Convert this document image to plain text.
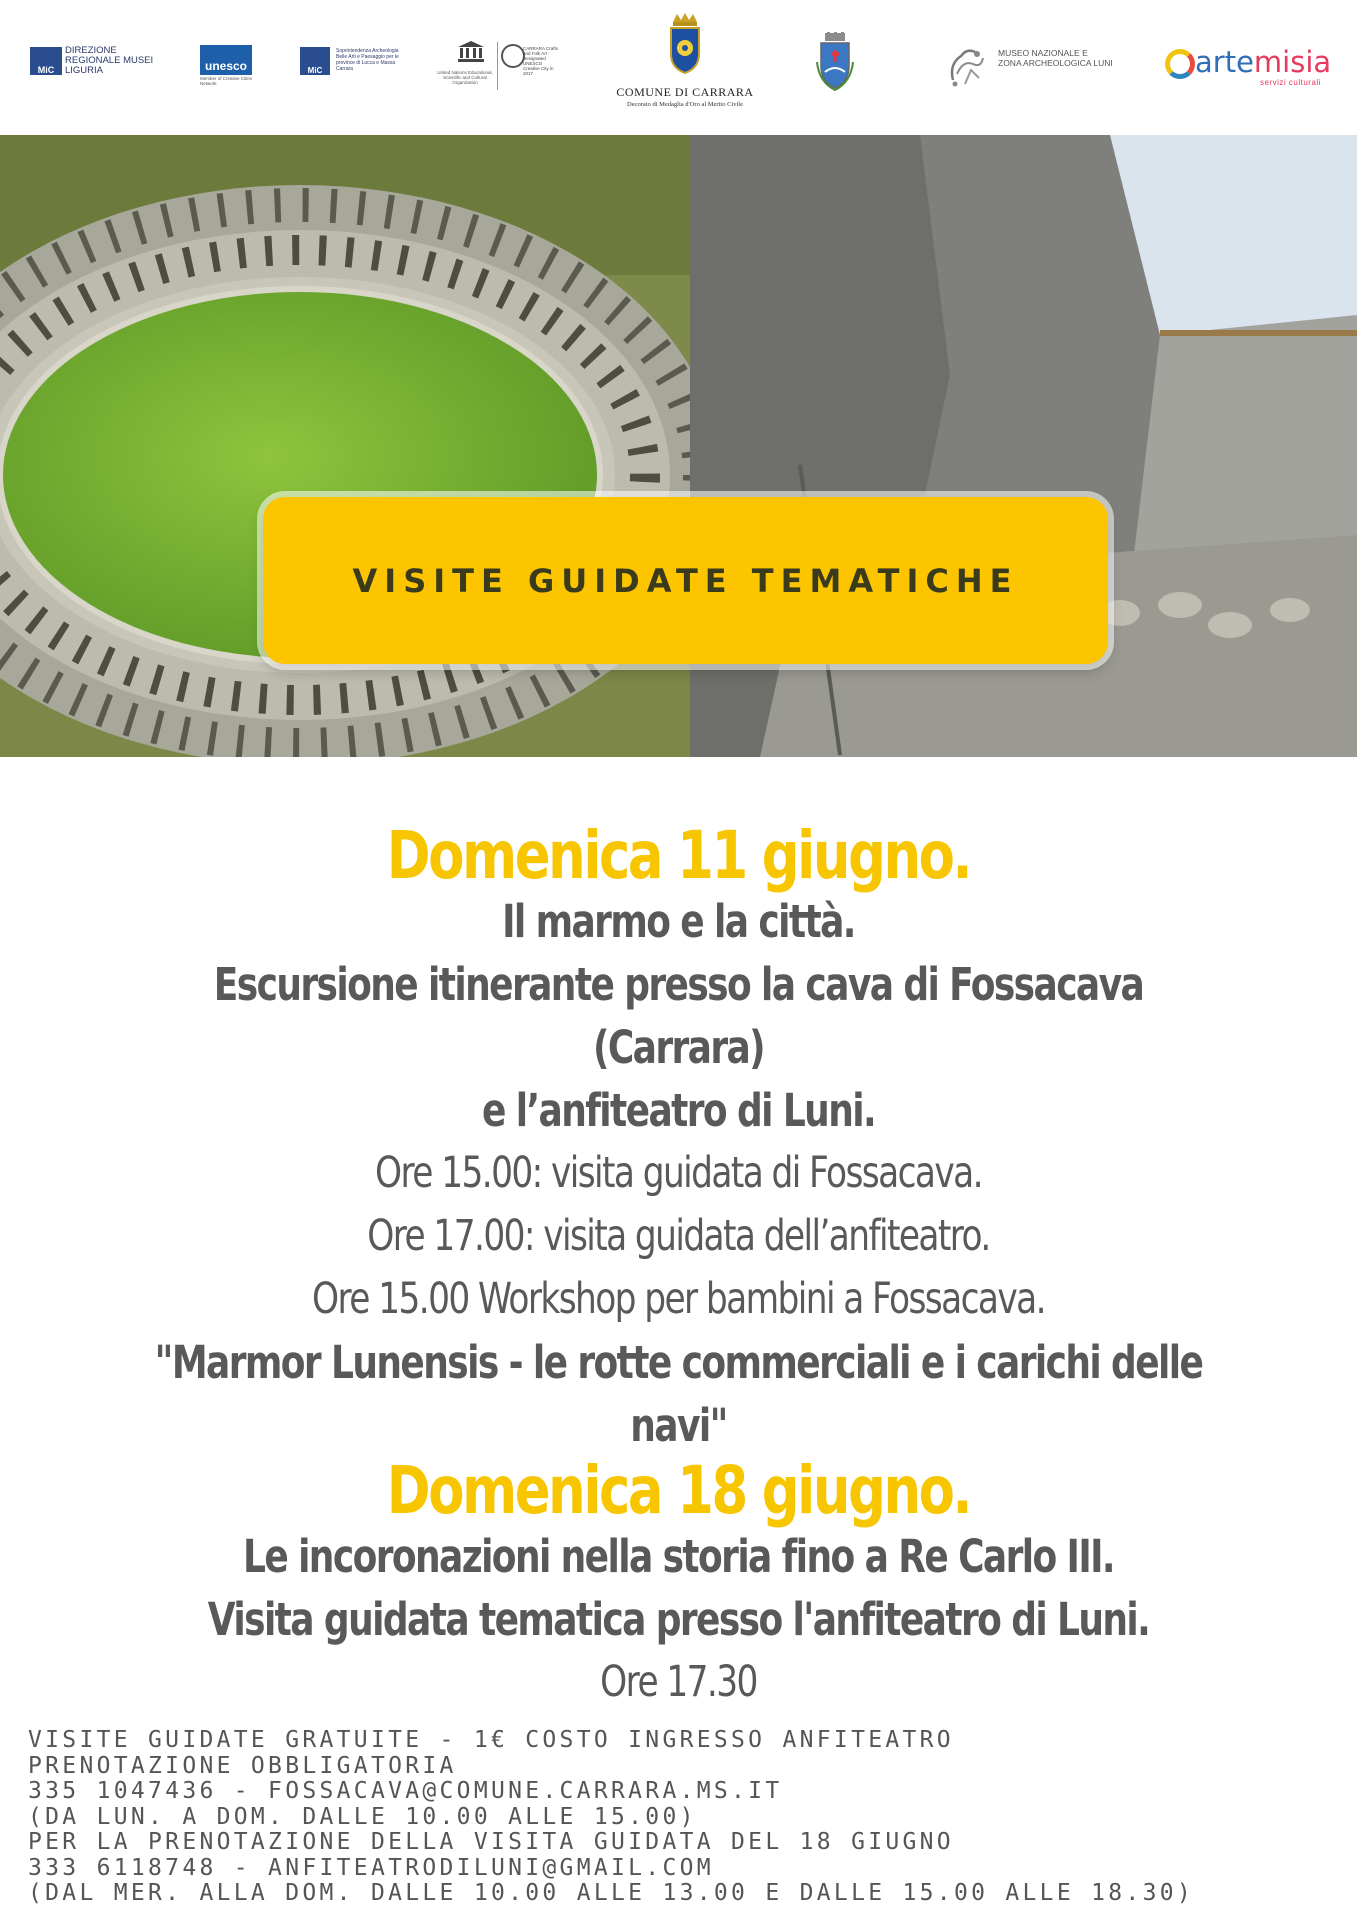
MiC
DIREZIONE REGIONALE MUSEI LIGURIA	unesco
Member of Creative Cities Network
MiC
Soprintendenza Archeologia Belle Arti e Paesaggio per le province di Lucca e Massa Carrara
United Nations Educational, Scientific and Cultural Organization
CARRARA Crafts and Folk Art · Designated UNESCO Creative City in 2017
COMUNE DI CARRARA
Decorato di Medaglia d'Oro al Merito Civile
MUSEO NAZIONALE E ZONA ARCHEOLOGICA LUNI	artemisia
servizi culturali
VISITE GUIDATE TEMATICHE
Domenica 11 giugno.
Il marmo e la città.
Escursione itinerante presso la cava di Fossacava (Carrara)
e l’anfiteatro di Luni.
Ore 15.00: visita guidata di Fossacava.
Ore 17.00: visita guidata dell’anfiteatro.
Ore 15.00 Workshop per bambini a Fossacava.
"Marmor Lunensis - le rotte commerciali e i carichi delle
navi"
Domenica 18 giugno.
Le incoronazioni nella storia fino a Re Carlo III.
Visita guidata tematica presso l'anfiteatro di Luni.
Ore 17.30
VISITE GUIDATE GRATUITE - 1€ COSTO INGRESSO ANFITEATRO
PRENOTAZIONE OBBLIGATORIA
335 1047436 - FOSSACAVA@COMUNE.CARRARA.MS.IT
(DA LUN. A DOM. DALLE 10.00 ALLE 15.00)
PER LA PRENOTAZIONE DELLA VISITA GUIDATA DEL 18 GIUGNO
333 6118748 - ANFITEATRODILUNI@GMAIL.COM
(DAL MER. ALLA DOM. DALLE 10.00 ALLE 13.00 E DALLE 15.00 ALLE 18.30)
